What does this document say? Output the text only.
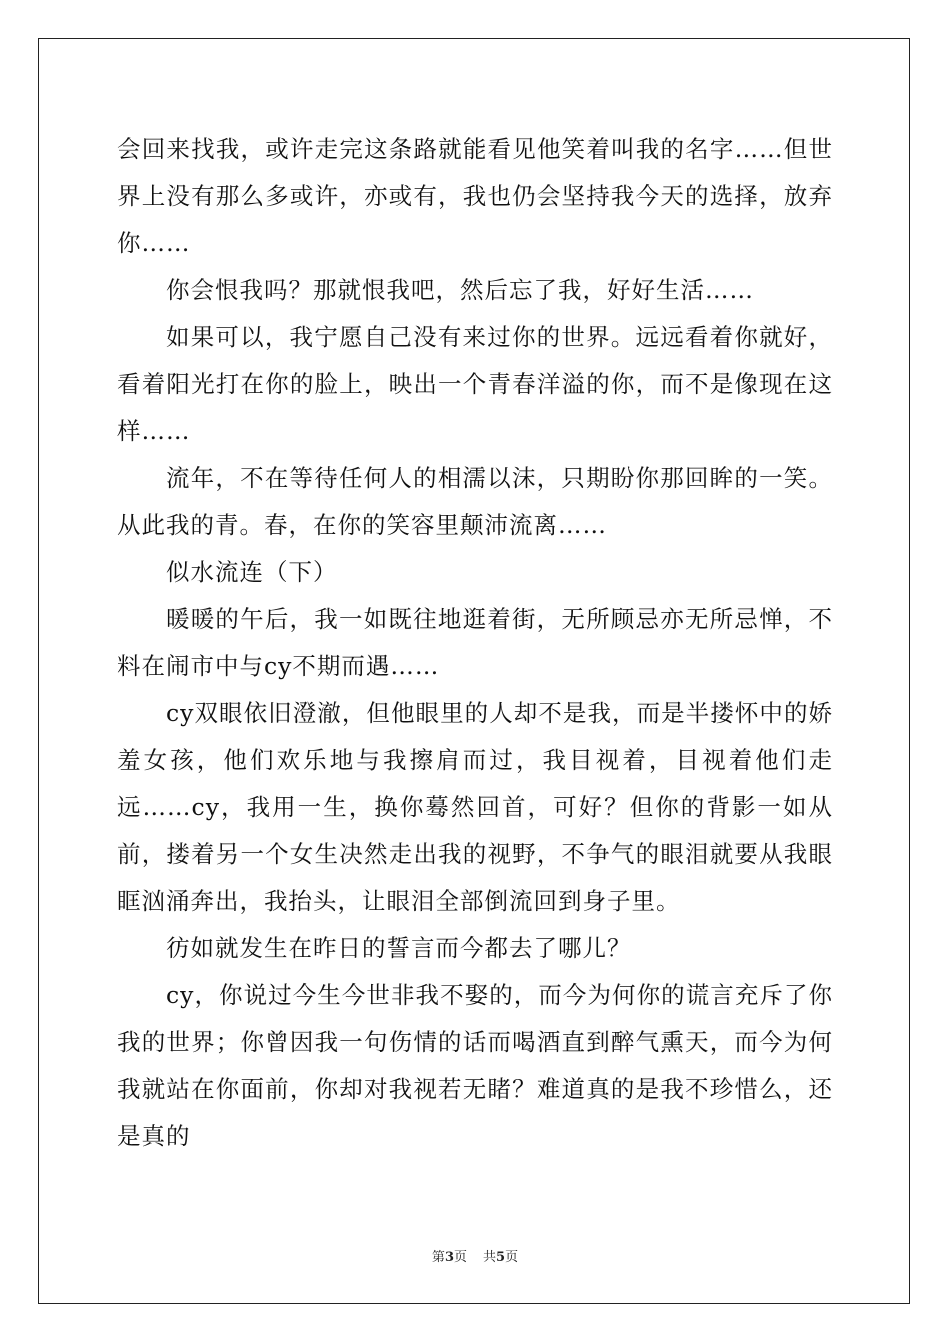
会回来找我，或许走完这条路就能看见他笑着叫我的名字……但世界上没有那么多或许，亦或有，我也仍会坚持我今天的选择，放弃你……

你会恨我吗？那就恨我吧，然后忘了我，好好生活……

如果可以，我宁愿自己没有来过你的世界。远远看着你就好，看着阳光打在你的脸上，映出一个青春洋溢的你，而不是像现在这样……

流年，不在等待任何人的相濡以沫，只期盼你那回眸的一笑。从此我的青。春，在你的笑容里颠沛流离……

似水流连（下）

暖暖的午后，我一如既往地逛着街，无所顾忌亦无所忌惮，不料在闹市中与cy不期而遇……

cy双眼依旧澄澈，但他眼里的人却不是我，而是半搂怀中的娇羞女孩，他们欢乐地与我擦肩而过，我目视着，目视着他们走远……cy，我用一生，换你蓦然回首，可好？但你的背影一如从前，搂着另一个女生决然走出我的视野，不争气的眼泪就要从我眼眶汹涌奔出，我抬头，让眼泪全部倒流回到身子里。

彷如就发生在昨日的誓言而今都去了哪儿？

cy，你说过今生今世非我不娶的，而今为何你的谎言充斥了你我的世界；你曾因我一句伤情的话而喝酒直到醉气熏天，而今为何我就站在你面前，你却对我视若无睹？难道真的是我不珍惜么，还是真的

第3页 共5页
